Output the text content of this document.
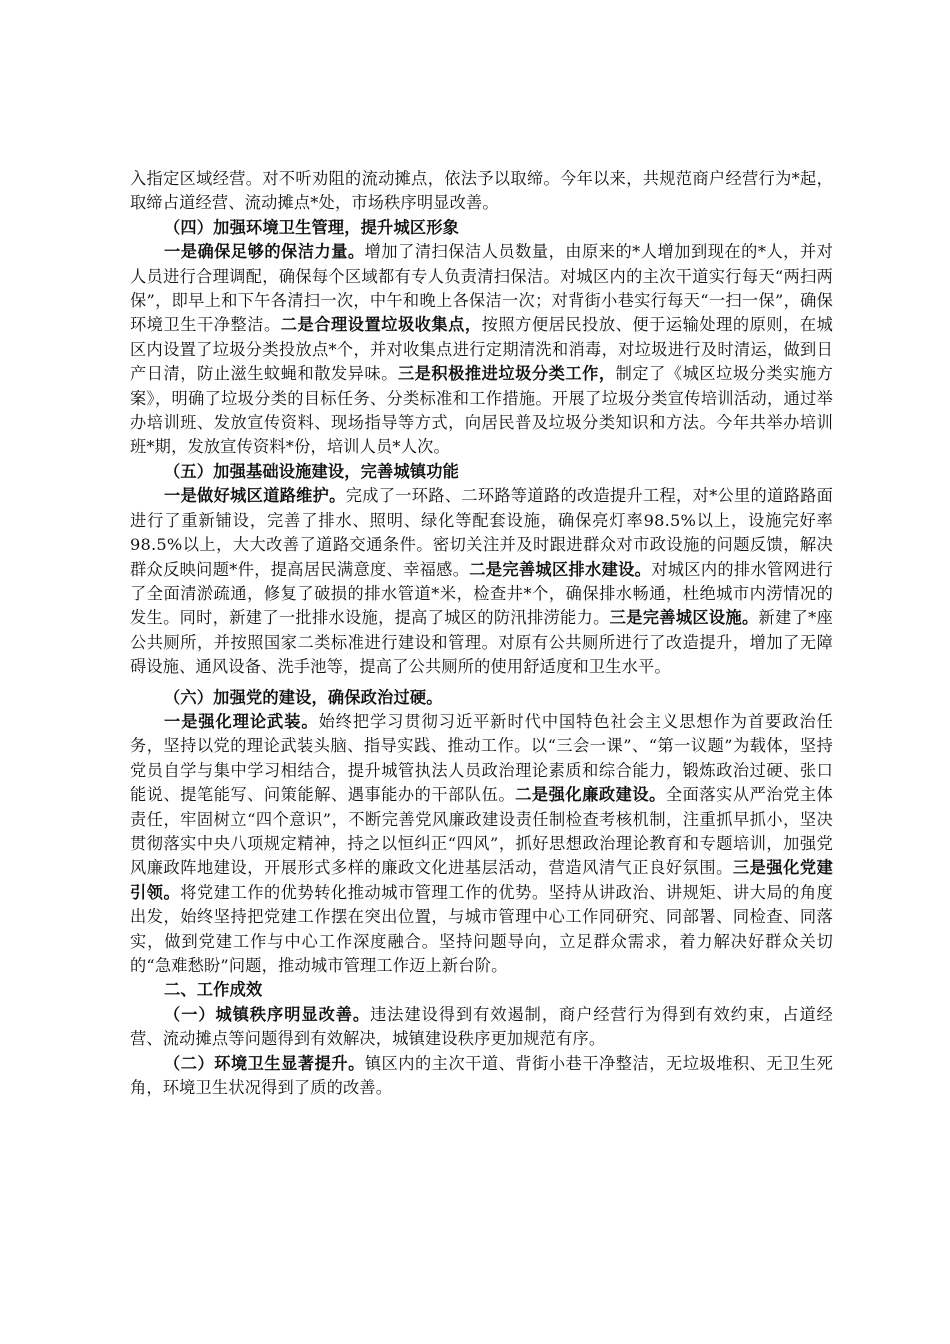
入指定区域经营。对不听劝阻的流动摊点，依法予以取缔。今年以来，共规范商户经营行为*起，取缔占道经营、流动摊点*处，市场秩序明显改善。

（四）加强环境卫生管理，提升城区形象

一是确保足够的保洁力量。增加了清扫保洁人员数量，由原来的*人增加到现在的*人，并对人员进行合理调配，确保每个区域都有专人负责清扫保洁。对城区内的主次干道实行每天“两扫两保”，即早上和下午各清扫一次，中午和晚上各保洁一次；对背街小巷实行每天“一扫一保”，确保环境卫生干净整洁。二是合理设置垃圾收集点，按照方便居民投放、便于运输处理的原则，在城区内设置了垃圾分类投放点*个，并对收集点进行定期清洗和消毒，对垃圾进行及时清运，做到日产日清，防止滋生蚊蝇和散发异味。三是积极推进垃圾分类工作，制定了《城区垃圾分类实施方案》，明确了垃圾分类的目标任务、分类标准和工作措施。开展了垃圾分类宣传培训活动，通过举办培训班、发放宣传资料、现场指导等方式，向居民普及垃圾分类知识和方法。今年共举办培训班*期，发放宣传资料*份，培训人员*人次。

（五）加强基础设施建设，完善城镇功能

一是做好城区道路维护。完成了一环路、二环路等道路的改造提升工程，对*公里的道路路面进行了重新铺设，完善了排水、照明、绿化等配套设施，确保亮灯率98.5%以上，设施完好率98.5%以上，大大改善了道路交通条件。密切关注并及时跟进群众对市政设施的问题反馈，解决群众反映问题*件，提高居民满意度、幸福感。二是完善城区排水建设。对城区内的排水管网进行了全面清淤疏通，修复了破损的排水管道*米，检查井*个，确保排水畅通，杜绝城市内涝情况的发生。同时，新建了一批排水设施，提高了城区的防汛排涝能力。三是完善城区设施。新建了*座公共厕所，并按照国家二类标准进行建设和管理。对原有公共厕所进行了改造提升，增加了无障碍设施、通风设备、洗手池等，提高了公共厕所的使用舒适度和卫生水平。

（六）加强党的建设，确保政治过硬。

一是强化理论武装。始终把学习贯彻习近平新时代中国特色社会主义思想作为首要政治任务，坚持以党的理论武装头脑、指导实践、推动工作。以“三会一课”、“第一议题”为载体，坚持党员自学与集中学习相结合，提升城管执法人员政治理论素质和综合能力，锻炼政治过硬、张口能说、提笔能写、问策能解、遇事能办的干部队伍。二是强化廉政建设。全面落实从严治党主体责任，牢固树立“四个意识”，不断完善党风廉政建设责任制检查考核机制，注重抓早抓小，坚决贯彻落实中央八项规定精神，持之以恒纠正“四风”，抓好思想政治理论教育和专题培训，加强党风廉政阵地建设，开展形式多样的廉政文化进基层活动，营造风清气正良好氛围。三是强化党建引领。将党建工作的优势转化推动城市管理工作的优势。坚持从讲政治、讲规矩、讲大局的角度出发，始终坚持把党建工作摆在突出位置，与城市管理中心工作同研究、同部署、同检查、同落实，做到党建工作与中心工作深度融合。坚持问题导向，立足群众需求，着力解决好群众关切的“急难愁盼”问题，推动城市管理工作迈上新台阶。

二、工作成效

（一）城镇秩序明显改善。违法建设得到有效遏制，商户经营行为得到有效约束，占道经营、流动摊点等问题得到有效解决，城镇建设秩序更加规范有序。

（二）环境卫生显著提升。镇区内的主次干道、背街小巷干净整洁，无垃圾堆积、无卫生死角，环境卫生状况得到了质的改善。
